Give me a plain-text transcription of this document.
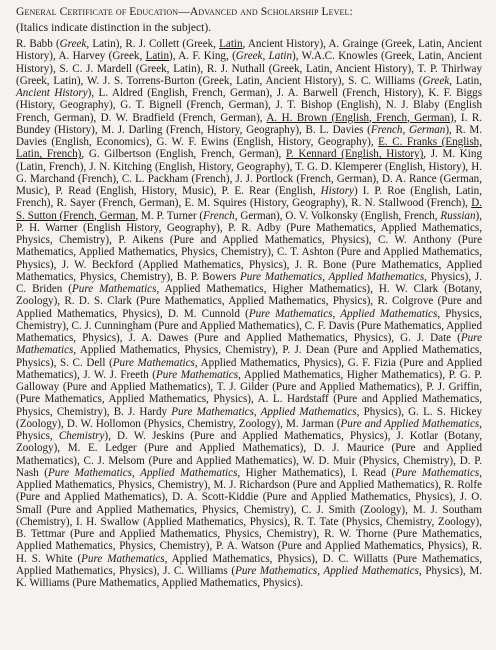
General Certificate of Education—Advanced and Scholarship Level:
(Italics indicate distinction in the subject).

R. Babb (Greek, Latin), R. J. Collett (Greek, Latin, Ancient History), A. Grainge (Greek, Latin, Ancient History), A. Harvey (Greek, Latin), A. F. King, (Greek, Latin), W.A.C. Knowles (Greek, Latin, Ancient History), S. C. J. Mardell (Greek, Latin), R. J. Nuthall (Greek, Latin, Ancient History), T. P. Thirlway (Greek, Latin), W. J. S. Torrens-Burton (Greek, Latin, Ancient History), S. C. Williams (Greek, Latin, Ancient History), L. Aldred (English, French, German), J. A. Barwell (French, History), K. F. Biggs (History, Geography), G. T. Bignell (French, German), J. T. Bishop (English), N. J. Blaby (English French, German), D. W. Bradfield (French, German), A. H. Brown (English, French, German), I. R. Bundey (History), M. J. Darling (French, History, Geography), B. L. Davies (French, German), R. M. Davies (English, Economics), G. W. F. Ewins (English, History, Geography), E. C. Franks (English, Latin, French), G. Gilbertson (English, French, German), P. Kennard (English, History), J. M. King (Latin, French), J. N. Kitching (English, History, Geography), T. G. D. Klemperer (English, History), H. G. Marchand (French), C. L. Packham (French), J. J. Portlock (French, German), D. A. Rance (German, Music), P. Read (English, History, Music), P. E. Rear (English, History) I. P. Roe (English, Latin, French), R. Sayer (French, German), E. M. Squires (History, Geography), R. N. Stallwood (French), D. S. Sutton (French, German, M. P. Turner (French, German), O. V. Volkonsky (English, French, Russian), P. H. Warner (English History, Geography), P. R. Adby (Pure Mathematics, Applied Mathematics, Physics, Chemistry), P. Aikens (Pure and Applied Mathematics, Physics), C. W. Anthony (Pure Mathematics, Applied Mathematics, Physics, Chemistry), C. T. Ashton (Pure and Applied Mathematics, Physics), J. W. Beckford (Applied Mathematics, Physics), J. R. Bone (Pure Mathematics, Applied Mathematics, Physics, Chemistry), B. P. Bowers Pure Mathematics, Applied Mathematics, Physics), J. C. Briden (Pure Mathematics, Applied Mathematics, Higher Mathematics), H. W. Clark (Botany, Zoology), R. D. S. Clark (Pure Mathematics, Applied Mathematics, Physics), R. Colgrove (Pure and Applied Mathematics, Physics), D. M. Cunnold (Pure Mathematics, Applied Mathematics, Physics, Chemistry), C. J. Cunningham (Pure and Applied Mathematics), C. F. Davis (Pure Mathematics, Applied Mathematics, Physics), J. A. Dawes (Pure and Applied Mathematics, Physics), G. J. Date (Pure Mathematics, Applied Mathematics, Physics, Chemistry), P. J. Dean (Pure and Applied Mathematics, Physics), S. C. Dell (Pure Mathematics, Applied Mathematics, Physics), G. F. Fizia (Pure and Applied Mathematics), J. W. J. Freeth (Pure Mathematics, Applied Mathematics, Higher Mathematics), P. G. P. Galloway (Pure and Applied Mathematics), T. J. Gilder (Pure and Applied Mathematics), P. J. Griffin, (Pure Mathematics, Applied Mathematics, Physics), A. L. Hardstaff (Pure and Applied Mathematics, Physics, Chemistry), B. J. Hardy Pure Mathematics, Applied Mathematics, Physics), G. L. S. Hickey (Zoology), D. W. Hollomon (Physics, Chemistry, Zoology), M. Jarman (Pure and Applied Mathematics, Physics, Chemistry), D. W. Jeskins (Pure and Applied Mathematics, Physics), J. Kotlar (Botany, Zoology), M. E. Ledger (Pure and Applied Mathematics), D. J. Maurice (Pure and Applied Mathematics), C. J. Melsom (Pure and Applied Mathematics), W. D. Muir (Physics, Chemistry), D. P. Nash (Pure Mathematics, Applied Mathematics, Higher Mathematics), I. Read (Pure Mathematics, Applied Mathematics, Physics, Chemistry), M. J. Richardson (Pure and Applied Mathematics), R. Rolfe (Pure and Applied Mathematics), D. A. Scott-Kiddie (Pure and Applied Mathematics, Physics), J. O. Small (Pure and Applied Mathematics, Physics, Chemistry), C. J. Smith (Zoology), M. J. Southam (Chemistry), I. H. Swallow (Applied Mathematics, Physics), R. T. Tate (Physics, Chemistry, Zoology), B. Tettmar (Pure and Applied Mathematics, Physics, Chemistry), R. W. Thorne (Pure Mathematics, Applied Mathematics, Physics, Chemistry), P. A. Watson (Pure and Applied Mathematics, Physics), R. H. S. White (Pure Mathematics, Applied Mathematics, Physics), D. C. Willatts (Pure Mathematics, Applied Mathematics, Physics), J. C. Williams (Pure Mathematics, Applied Mathematics, Physics), M. K. Williams (Pure Mathematics, Applied Mathematics, Physics).
